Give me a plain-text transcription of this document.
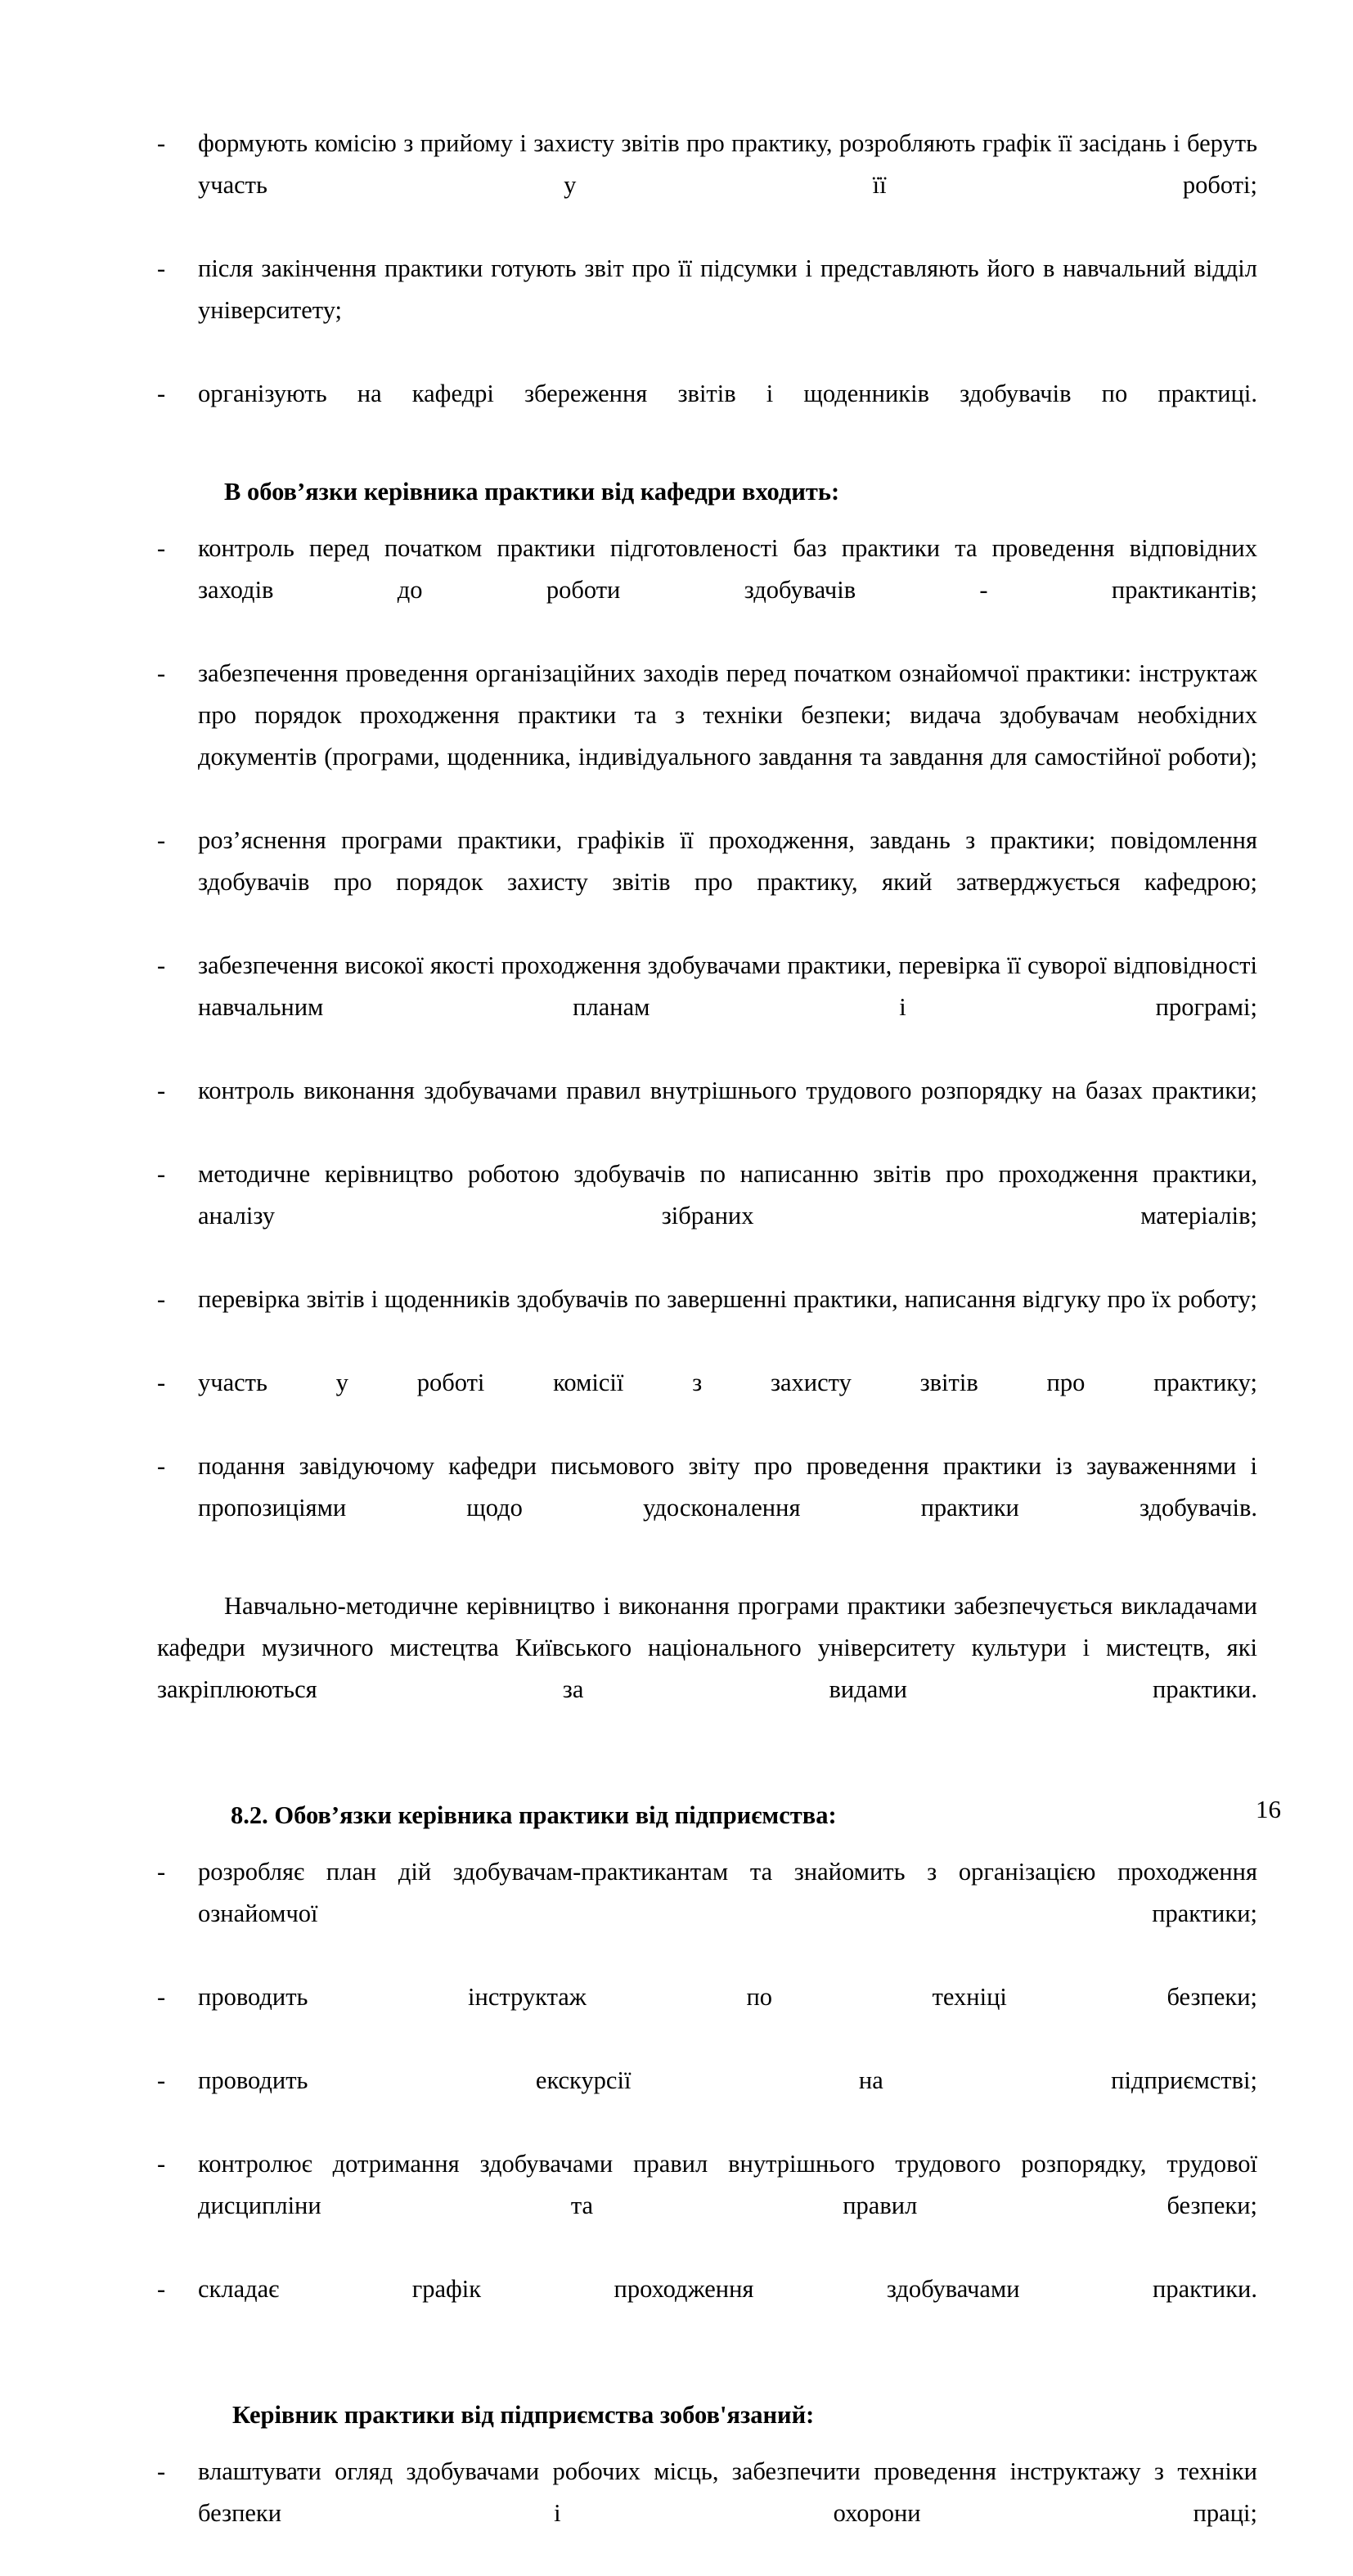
-	формують комісію з прийому і захисту звітів про практику, розробляють графік її засідань і беруть участь у її роботі;
-	після закінчення практики готують звіт про її підсумки і представляють його в навчальний відділ університету;
-	організують на кафедрі збереження звітів і щоденників здобувачів по практиці.
В обов’язки керівника практики від кафедри входить:
-	контроль перед початком практики підготовленості баз практики та проведення відповідних заходів до роботи здобувачів - практикантів;
-	забезпечення проведення організаційних заходів перед початком ознайомчої практики: інструктаж про порядок проходження практики та з техніки безпеки; видача здобувачам необхідних документів (програми, щоденника, індивідуального завдання та завдання для самостійної роботи);
-	роз’яснення програми практики, графіків її проходження, завдань з практики; повідомлення здобувачів про порядок захисту звітів про практику, який затверджується кафедрою;
-	забезпечення високої якості проходження здобувачами практики, перевірка її суворої відповідності навчальним планам і програмі;
-	контроль виконання здобувачами правил внутрішнього трудового розпорядку на базах практики;
-	методичне керівництво роботою здобувачів по написанню звітів про проходження практики, аналізу зібраних матеріалів;
-	перевірка звітів і щоденників здобувачів по завершенні практики, написання відгуку про їх роботу;
-	участь у роботі комісії з захисту звітів про практику;
-	подання завідуючому кафедри письмового звіту про проведення практики із зауваженнями і пропозиціями щодо удосконалення практики здобувачів.
Навчально-методичне керівництво і виконання програми практики забезпечується викладачами кафедри музичного мистецтва Київського національного університету культури і мистецтв, які закріплюються за видами практики.
8.2. Обов’язки керівника практики від підприємства:
-	розробляє план дій здобувачам-практикантам та знайомить з організацією проходження ознайомчої практики;
-	проводить інструктаж по техніці безпеки;
-	проводить екскурсії на підприємстві;
-	контролює дотримання здобувачами правил внутрішнього трудового розпорядку, трудової дисципліни та правил безпеки;
-	складає графік проходження здобувачами практики.
Керівник практики від підприємства зобов'язаний:
-	влаштувати огляд здобувачами робочих місць, забезпечити проведення інструктажу з техніки безпеки і охорони праці;
16
